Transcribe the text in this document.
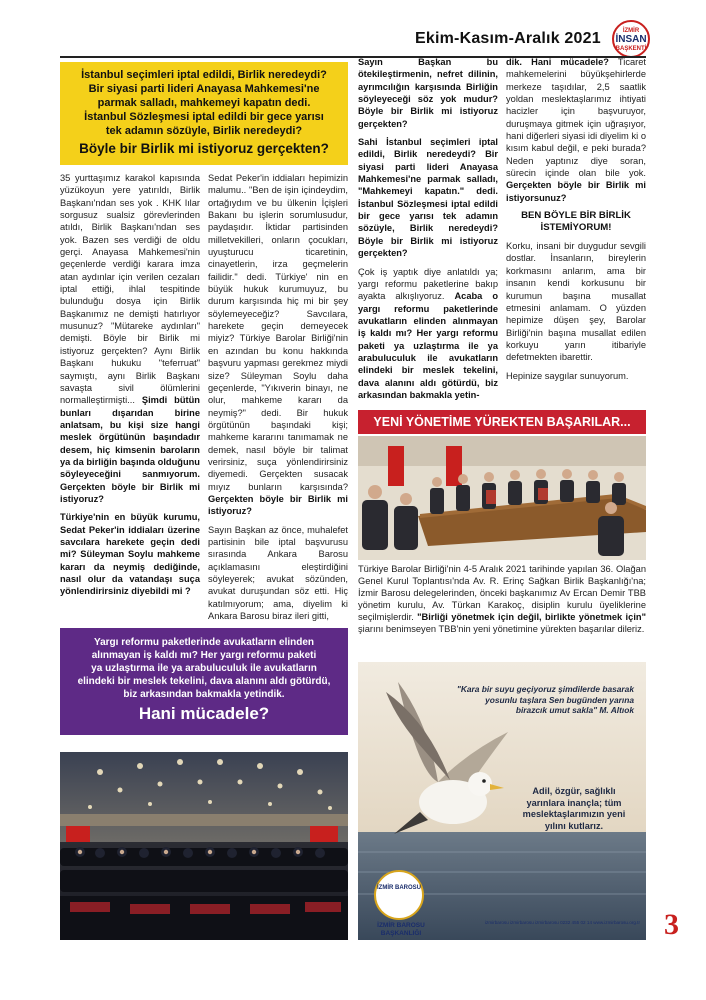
Ekim-Kasım-Aralık 2021	İZMİR
İNSAN
BAŞKENTİ
İstanbul seçimleri iptal edildi, Birlik neredeydi?
Bir siyasi parti lideri Anayasa Mahkemesi'ne
parmak salladı, mahkemeyi kapatın dedi.
İstanbul Sözleşmesi iptal edildi bir gece yarısı
tek adamın sözüyle, Birlik neredeydi?
Böyle bir Birlik mi istiyoruz gerçekten?

35 yurttaşımız karakol kapısında yüzükoyun yere yatırıldı, Birlik Başkanı'ndan ses yok . KHK lılar sorgusuz sualsiz görevlerinden atıldı, Birlik Başkanı'ndan ses yok. Bazen ses verdiği de oldu gerçi. Anayasa Mahkemesi'nin geçenlerde verdiği karara imza atan aydınlar için verilen cezaları iptal ettiği, ihlal tespitinde bulunduğu dosya için Birlik Başkanımız ne demişti hatırlıyor musunuz? "Mütareke aydınları" demişti. Böyle bir Birlik mi istiyoruz gerçekten? Aynı Birlik Başkanı hukuku "teferruat" saymıştı, aynı Birlik Başkanı savaşta sivil ölümlerini normalleştirmişti... Şimdi bütün bunları dışarıdan birine anlatsam, bu kişi size hangi meslek örgütünün başındadır desem, hiç kimsenin baroların ya da birliğin başında olduğunu söyleyeceğini sanmıyorum. Gerçekten böyle bir Birlik mi istiyoruz?

Türkiye'nin en büyük kurumu, Sedat Peker'in iddiaları üzerine savcılara harekete geçin dedi mi? Süleyman Soylu mahkeme kararı da neymiş dediğinde, nasıl olur da vatandaşı suça yönlendirirsiniz diyebildi mi ?

Sedat Peker'in iddiaları hepimizin malumu.. "Ben de işin içindeydim, ortağıydım ve bu ülkenin İçişleri Bakanı bu işlerin sorumlusudur, paydaşıdır. İktidar partisinden milletvekilleri, onların çocukları, uyuşturucu ticaretinin, cinayetlerin, irza geçmelerin failidir." dedi. Türkiye' nin en büyük hukuk kurumuyuz, bu durum karşısında hiç mi bir şey söylemeyeceğiz? Savcılara, harekete geçin demeyecek miyiz? Türkiye Barolar Birliği'nin en azından bu konu hakkında başvuru yapması gerekmez miydi size? Süleyman Soylu daha geçenlerde, "Yıkıverin binayı, ne olur, mahkeme kararı da neymiş?" dedi. Bir hukuk örgütünün başındaki kişi; mahkeme kararını tanımamak ne demek, nasıl böyle bir talimat verirsiniz, suça yönlendirirsiniz diyemedi. Gerçekten susacak mıyız bunların karşısında? Gerçekten böyle bir Birlik mi istiyoruz?

Sayın Başkan az önce, muhalefet partisinin bile iptal başvurusu sırasında Ankara Barosu açıklamasını eleştirdiğini söyleyerek; avukat sözünden, avukat duruşundan söz etti. Hiç katılmıyorum; ama, diyelim ki Ankara Barosu biraz ileri gitti,

Sayın Başkan bu ötekileştirmenin, nefret dilinin, ayrımcılığın karşısında Birliğin söyleyeceği söz yok mudur? Böyle bir Birlik mi istiyoruz gerçekten?

Sahi İstanbul seçimleri iptal edildi, Birlik neredeydi? Bir siyasi parti lideri Anayasa Mahkemesi'ne parmak salladı, "Mahkemeyi kapatın." dedi. İstanbul Sözleşmesi iptal edildi bir gece yarısı tek adamın sözüyle, Birlik neredeydi? Böyle bir Birlik mi istiyoruz gerçekten?

Çok iş yaptık diye anlatıldı ya; yargı reformu paketlerine bakıp ayakta alkışlıyoruz. Acaba o yargı reformu paketlerinde avukatların elinden alınmayan iş kaldı mı? Her yargı reformu paketi ya uzlaştırma ile ya arabuluculuk ile avukatların elindeki bir meslek tekelini, dava alanını aldı götürdü, biz arkasından bakmakla yetin-

dik. Hani mücadele? Ticaret mahkemelerini büyükşehirlerde merkeze taşıdılar, 2,5 saatlik yoldan meslektaşlarımız ihtiyati hacizler için başvuruyor, duruşmaya gitmek için uğraşıyor, hani diğerleri siyasi idi diyelim ki o kısım kabul değil, e peki burada? Neden yaptınız diye soran, sürecin içinde olan bile yok. Gerçekten böyle bir Birlik mi istiyorsunuz?

BEN BÖYLE BİR BİRLİK İSTEMİYORUM!

Korku, insani bir duygudur sevgili dostlar. İnsanların, bireylerin korkmasını anlarım, ama bir insanın kendi korkusunu bir kurumun başına musallat etmesini anlamam. O yüzden hepimize düşen şey, Barolar Birliği'nin başına musallat edilen korkuyu yarın itibariyle defetmekten ibarettir.

Hepinize saygılar sunuyorum.

Yargı reformu paketlerinde avukatların elinden
alınmayan iş kaldı mı? Her yargı reformu paketi
ya uzlaştırma ile ya arabuluculuk ile avukatların
elindeki bir meslek tekelini, dava alanını aldı götürdü,
biz arkasından bakmakla yetindik.
Hani mücadele?
YENİ YÖNETİME YÜREKTEN BAŞARILAR...
Türkiye Barolar Birliği'nin 4-5 Aralık 2021 tarihinde yapılan 36. Olağan Genel Kurul Toplantısı'nda Av. R. Erinç Sağkan Birlik Başkanlığı'na; İzmir Barosu delegelerinden, önceki başkanımız Av Ercan Demir TBB yönetim kurulu, Av. Türkan Karakoç, disiplin kurulu üyeliklerine seçilmişlerdir. "Birliği yönetmek için değil, birlikte yönetmek için" şiarını benimseyen TBB'nin yeni yönetimine yürekten başarılar dileriz.
"Kara bir suyu geçiyoruz şimdilerde basarak yosunlu taşlara Sen bugünden yarına birazcık umut sakla" M. Altıok
Adil, özgür, sağlıklı yarınlara inançla; tüm meslektaşlarımızın yeni yılını kutlarız.
İZMİR BAROSU
İZMİR BAROSU BAŞKANLIĞI
izmirbarosu izmirbarosu izmirbarosu 0232 455 02 14 www.izmirbarosu.org.tr 3
